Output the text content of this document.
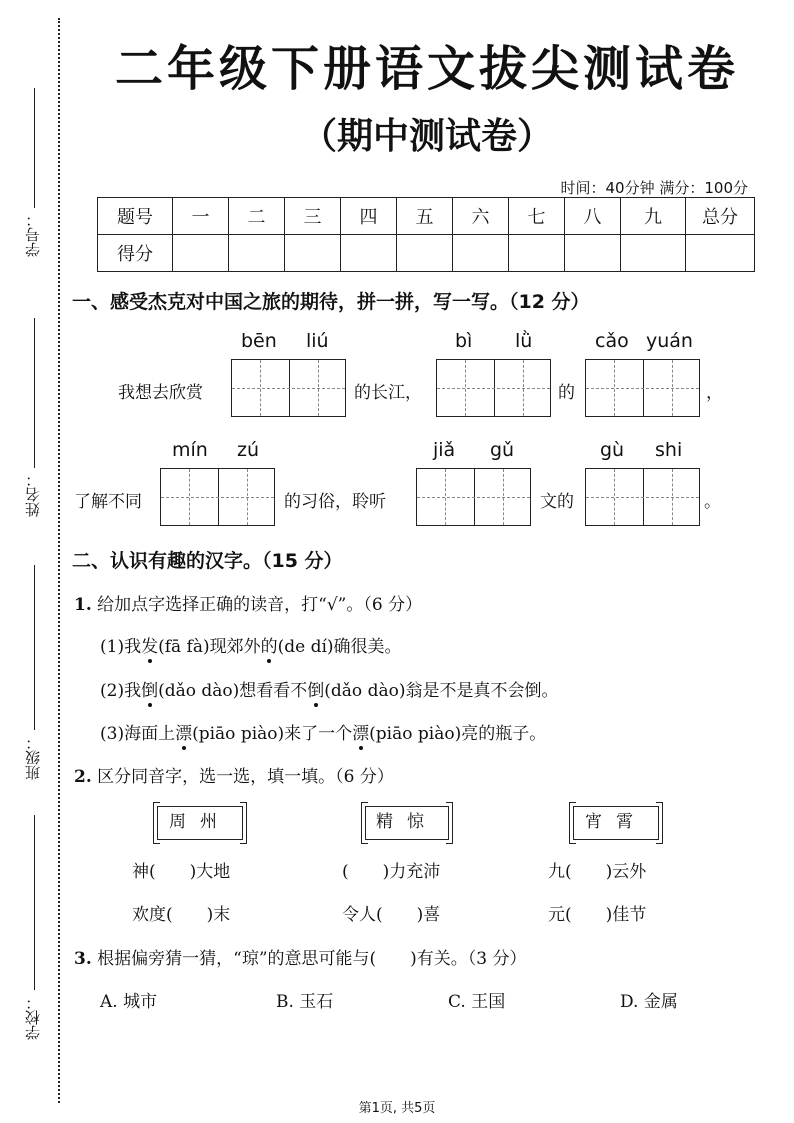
学号：
姓名：
班级：
学校：
二年级下册语文拔尖测试卷
（期中测试卷）
时间：40分钟 满分：100分
题号	一	二	三	四	五	六	七	八	九	总分
得分										
一、感受杰克对中国之旅的期待，拼一拼，写一写。（12 分）
bēn liú	bì lǜ	cǎo yuán
我想去欣赏	的长江，	的	，
mín zú	jiǎ gǔ	gù shi
了解不同	的习俗，聆听	文的	。
二、认识有趣的汉字。（15 分）
1. 给加点字选择正确的读音，打“√”。（6 分）
(1)我发(fā fà)现郊外的(de dí)确很美。
(2)我倒(dǎo dào)想看看不倒(dǎo dào)翁是不是真不会倒。
(3)海面上漂(piāo piào)来了一个漂(piāo piào)亮的瓶子。
2. 区分同音字，选一选，填一填。（6 分）
周州	精惊	宵霄
神(　　)大地	(　　)力充沛	九(　　)云外
欢度(　　)末	令人(　　)喜	元(　　)佳节
3. 根据偏旁猜一猜，“琼”的意思可能与(　　)有关。（3 分）
A. 城市	B. 玉石	C. 王国	D. 金属
第1页, 共5页
